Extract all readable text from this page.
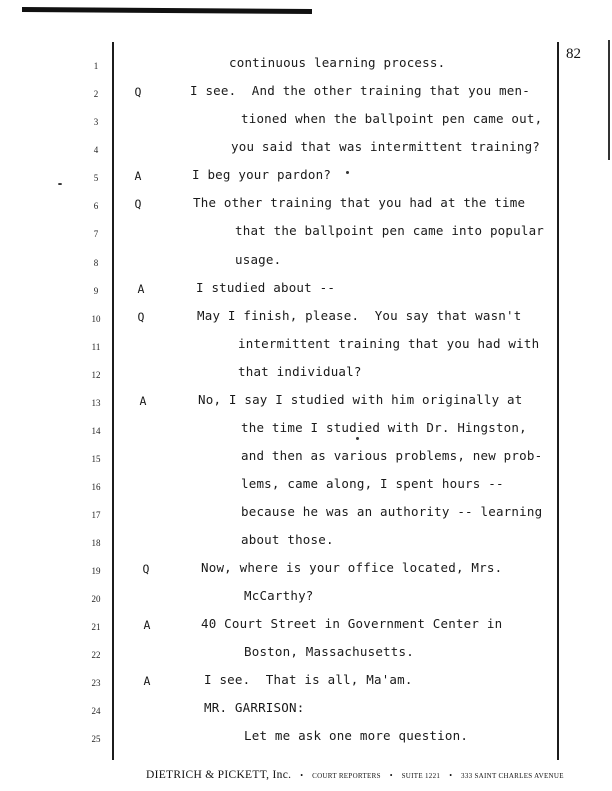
82
1	continuous learning process.
2	Q	I see.  And the other training that you men-
3	tioned when the ballpoint pen came out,
4	you said that was intermittent training?
5	A	I beg your pardon?
6	Q	The other training that you had at the time
7	that the ballpoint pen came into popular
8	usage.
9	A	I studied about --
10	Q	May I finish, please.  You say that wasn't
11	intermittent training that you had with
12	that individual?
13	A	No, I say I studied with him originally at
14	the time I studied with Dr. Hingston,
15	and then as various problems, new prob-
16	lems, came along, I spent hours --
17	because he was an authority -- learning
18	about those.
19	Q	Now, where is your office located, Mrs.
20	McCarthy?
21	A	40 Court Street in Government Center in
22	Boston, Massachusetts.
23	A	I see.  That is all, Ma'am.
24	MR. GARRISON:
25	Let me ask one more question.
DIETRICH & PICKETT, Inc. • COURT REPORTERS • SUITE 1221 • 333 SAINT CHARLES AVENUE
